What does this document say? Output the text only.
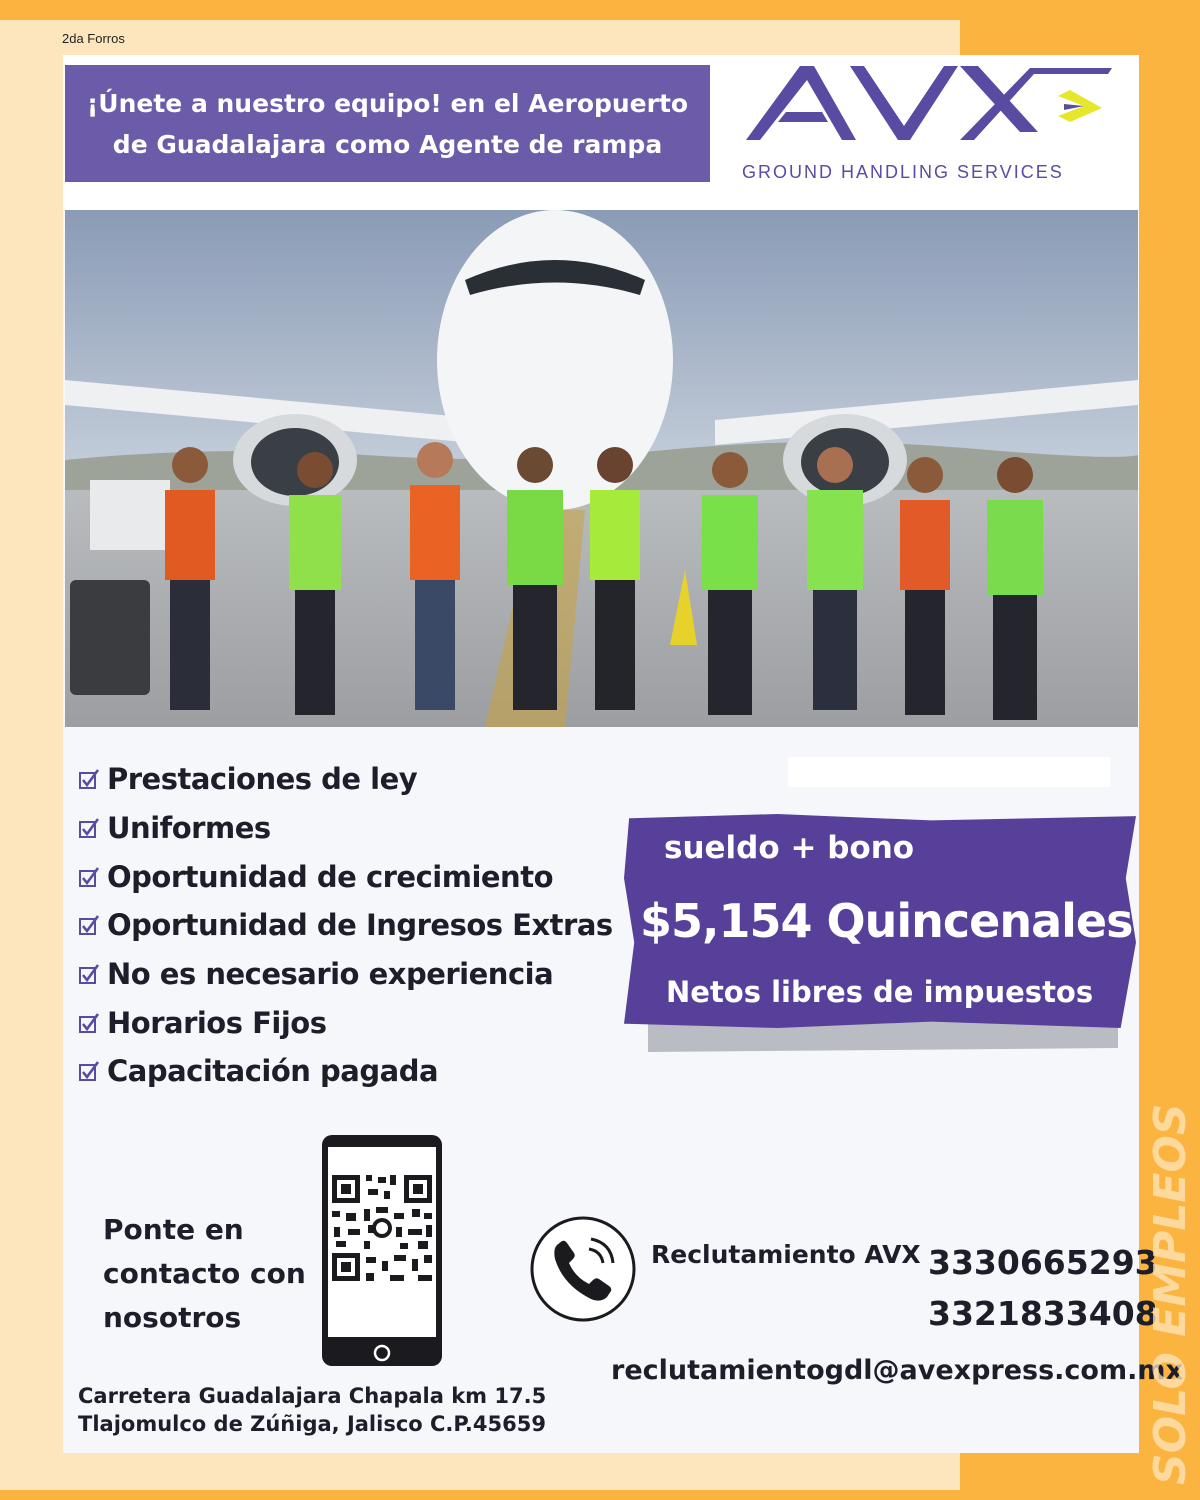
2da Forros
¡Únete a nuestro equipo! en el Aeropuerto
de Guadalajara como Agente de rampa
GROUND HANDLING SERVICES
Prestaciones de ley
Uniformes
Oportunidad de crecimiento
Oportunidad de Ingresos Extras
No es necesario experiencia
Horarios Fijos
Capacitación pagada
sueldo + bono
$5,154 Quincenales
Netos libres de impuestos
Ponte en
contacto con
nosotros
Reclutamiento AVX 3330665293
3321833408
reclutamientogdl@avexpress.com.mx
Carretera Guadalajara Chapala km 17.5
Tlajomulco de Zúñiga, Jalisco C.P.45659	SOLO EMPLEOS
